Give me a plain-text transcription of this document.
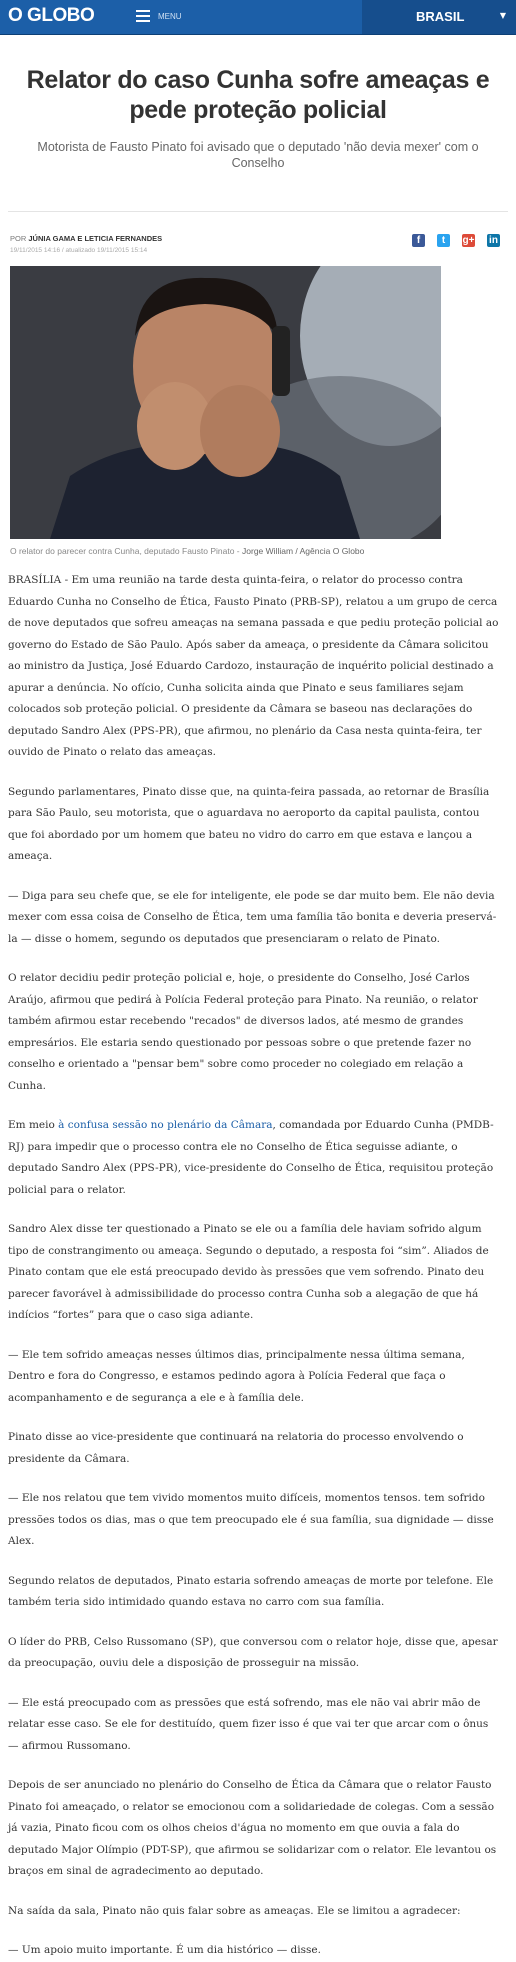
O GLOBO	MENU	BRASIL	▼
Relator do caso Cunha sofre ameaças e pede proteção policial

Motorista de Fausto Pinato foi avisado que o deputado 'não devia mexer' com o Conselho

POR JÚNIA GAMA E LETICIA FERNANDES
19/11/2015 14:16 / atualizado 19/11/2015 15:14
f	t	g+ in
O relator do parecer contra Cunha, deputado Fausto Pinato - Jorge William / Agência O Globo

BRASÍLIA - Em uma reunião na tarde desta quinta-feira, o relator do processo contra Eduardo Cunha no Conselho de Ética, Fausto Pinato (PRB-SP), relatou a um grupo de cerca de nove deputados que sofreu ameaças na semana passada e que pediu proteção policial ao governo do Estado de São Paulo. Após saber da ameaça, o presidente da Câmara solicitou ao ministro da Justiça, José Eduardo Cardozo, instauração de inquérito policial destinado a apurar a denúncia. No ofício, Cunha solicita ainda que Pinato e seus familiares sejam colocados sob proteção policial. O presidente da Câmara se baseou nas declarações do deputado Sandro Alex (PPS-PR), que afirmou, no plenário da Casa nesta quinta-feira, ter ouvido de Pinato o relato das ameaças.

Segundo parlamentares, Pinato disse que, na quinta-feira passada, ao retornar de Brasília para São Paulo, seu motorista, que o aguardava no aeroporto da capital paulista, contou que foi abordado por um homem que bateu no vidro do carro em que estava e lançou a ameaça.

— Diga para seu chefe que, se ele for inteligente, ele pode se dar muito bem. Ele não devia mexer com essa coisa de Conselho de Ética, tem uma família tão bonita e deveria preservá-la — disse o homem, segundo os deputados que presenciaram o relato de Pinato.

O relator decidiu pedir proteção policial e, hoje, o presidente do Conselho, José Carlos Araújo, afirmou que pedirá à Polícia Federal proteção para Pinato. Na reunião, o relator também afirmou estar recebendo "recados" de diversos lados, até mesmo de grandes empresários. Ele estaria sendo questionado por pessoas sobre o que pretende fazer no conselho e orientado a "pensar bem" sobre como proceder no colegiado em relação a Cunha.

Em meio à confusa sessão no plenário da Câmara, comandada por Eduardo Cunha (PMDB-RJ) para impedir que o processo contra ele no Conselho de Ética seguisse adiante, o deputado Sandro Alex (PPS-PR), vice-presidente do Conselho de Ética, requisitou proteção policial para o relator.

Sandro Alex disse ter questionado a Pinato se ele ou a família dele haviam sofrido algum tipo de constrangimento ou ameaça. Segundo o deputado, a resposta foi “sim”. Aliados de Pinato contam que ele está preocupado devido às pressões que vem sofrendo. Pinato deu parecer favorável à admissibilidade do processo contra Cunha sob a alegação de que há indícios “fortes” para que o caso siga adiante.

— Ele tem sofrido ameaças nesses últimos dias, principalmente nessa última semana, Dentro e fora do Congresso, e estamos pedindo agora à Polícia Federal que faça o acompanhamento e de segurança a ele e à família dele.

Pinato disse ao vice-presidente que continuará na relatoria do processo envolvendo o presidente da Câmara.

— Ele nos relatou que tem vivido momentos muito difíceis, momentos tensos. tem sofrido pressões todos os dias, mas o que tem preocupado ele é sua família, sua dignidade — disse Alex.

Segundo relatos de deputados, Pinato estaria sofrendo ameaças de morte por telefone. Ele também teria sido intimidado quando estava no carro com sua família.

O líder do PRB, Celso Russomano (SP), que conversou com o relator hoje, disse que, apesar da preocupação, ouviu dele a disposição de prosseguir na missão.

— Ele está preocupado com as pressões que está sofrendo, mas ele não vai abrir mão de relatar esse caso. Se ele for destituído, quem fizer isso é que vai ter que arcar com o ônus — afirmou Russomano.

Depois de ser anunciado no plenário do Conselho de Ética da Câmara que o relator Fausto Pinato foi ameaçado, o relator se emocionou com a solidariedade de colegas. Com a sessão já vazia, Pinato ficou com os olhos cheios d'água no momento em que ouvia a fala do deputado Major Olímpio (PDT-SP), que afirmou se solidarizar com o relator. Ele levantou os braços em sinal de agradecimento ao deputado.

Na saída da sala, Pinato não quis falar sobre as ameaças. Ele se limitou a agradecer:

— Um apoio muito importante. É um dia histórico — disse.
